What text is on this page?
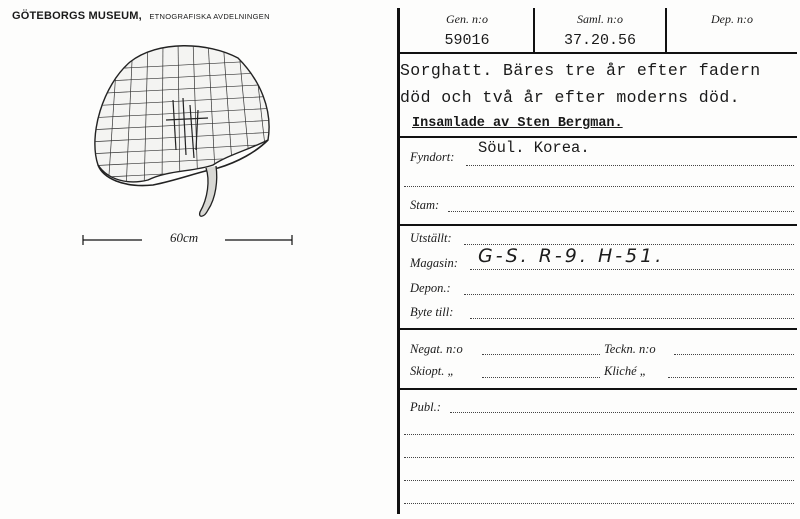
GÖTEBORGS MUSEUM, ETNOGRAFISKA AVDELNINGEN
60cm
Gen. n:o
59016
Saml. n:o
37.20.56
Dep. n:o
Sorghatt. Bäres tre år efter fadern
död och två år efter moderns död.
Insamlade av Sten Bergman.
Fyndort: Söul. Korea.
Stam:
Utställt:
Magasin: G-S. R-9. H-51.
Depon.:
Byte till:
Negat. n:o	Teckn. n:o
Skiopt. „	Kliché „
Publ.:
